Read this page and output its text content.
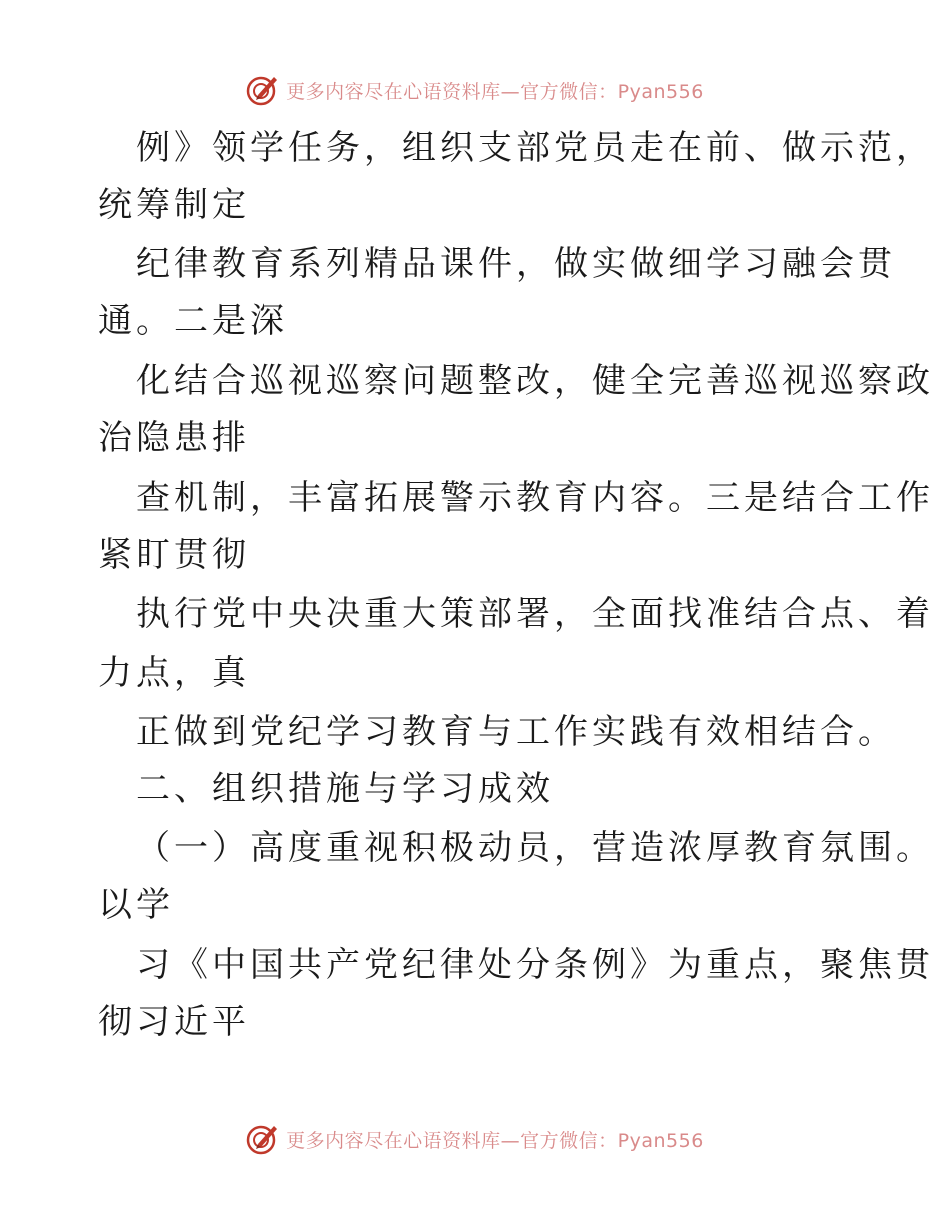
更多内容尽在心语资料库—官方微信：Pyan556
例》领学任务，组织支部党员走在前、做示范，
统筹制定
纪律教育系列精品课件，做实做细学习融会贯
通。二是深
化结合巡视巡察问题整改，健全完善巡视巡察政
治隐患排
查机制，丰富拓展警示教育内容。三是结合工作
紧盯贯彻
执行党中央决重大策部署，全面找准结合点、着
力点，真
正做到党纪学习教育与工作实践有效相结合。
二、组织措施与学习成效
（一）高度重视积极动员，营造浓厚教育氛围。
以学
习《中国共产党纪律处分条例》为重点，聚焦贯
彻习近平
更多内容尽在心语资料库—官方微信：Pyan556
